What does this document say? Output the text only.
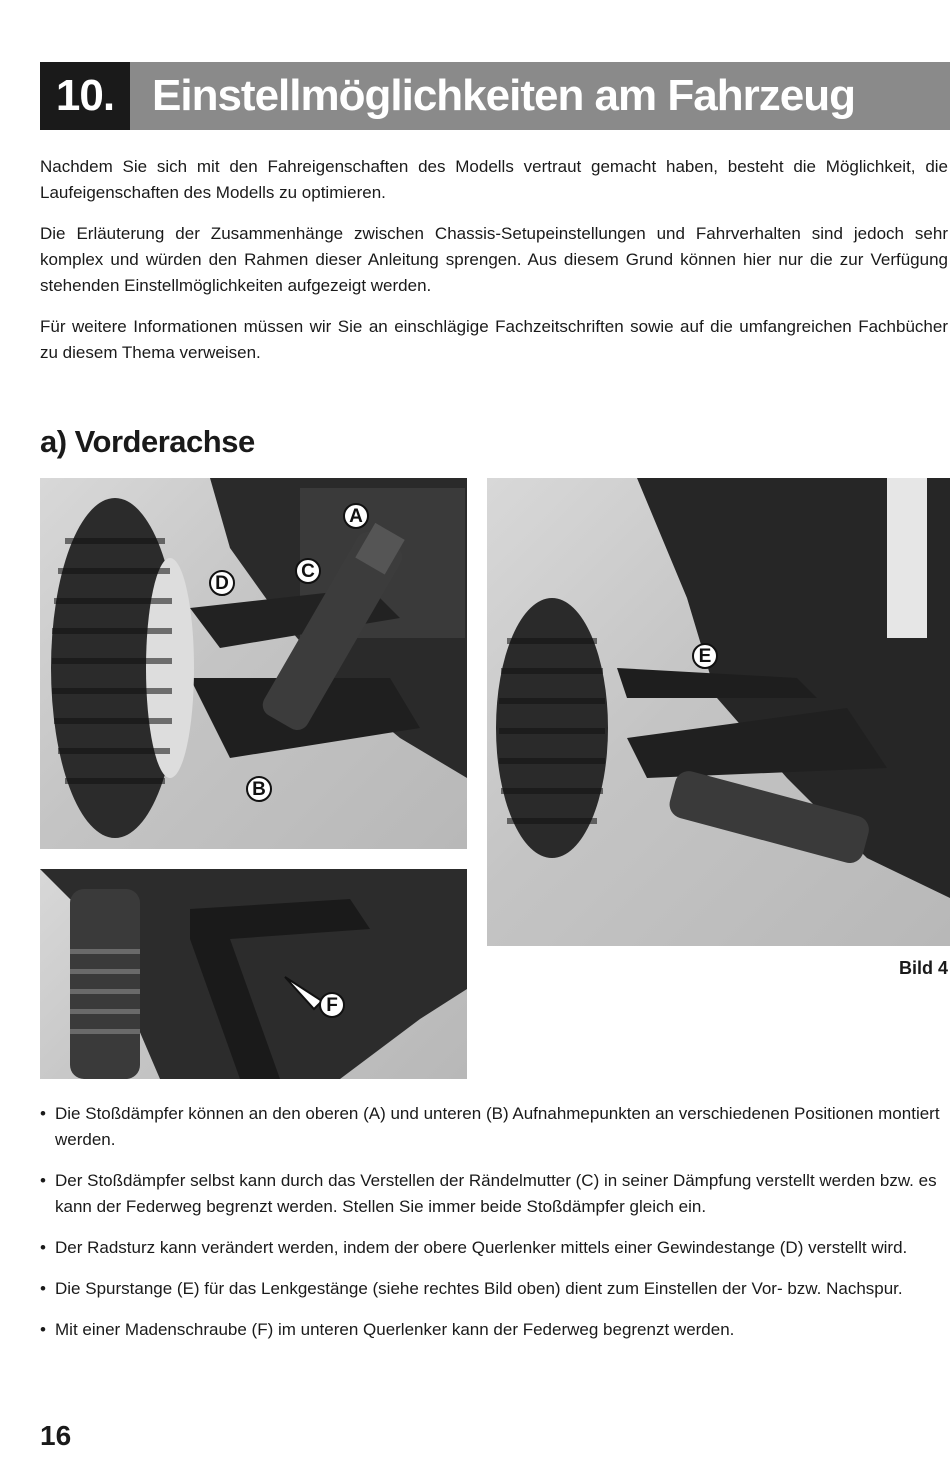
10. Einstellmöglichkeiten am Fahrzeug

Nachdem Sie sich mit den Fahreigenschaften des Modells vertraut gemacht haben, besteht die Möglichkeit, die Laufeigenschaften des Modells zu optimieren.

Die Erläuterung der Zusammenhänge zwischen Chassis-Setupeinstellungen und Fahrverhalten sind jedoch sehr komplex und würden den Rahmen dieser Anleitung sprengen. Aus diesem Grund können hier nur die zur Verfügung stehenden Einstellmöglichkeiten aufgezeigt werden.

Für weitere Informationen müssen wir Sie an einschlägige Fachzeitschriften sowie auf die umfangreichen Fachbücher zu diesem Thema verweisen.

a) Vorderachse
A
C
D
B
E
F
Bild 4
• Die Stoßdämpfer können an den oberen (A) und unteren (B) Aufnahmepunkten an verschiedenen Positionen montiert werden.
• Der Stoßdämpfer selbst kann durch das Verstellen der Rändelmutter (C) in seiner Dämpfung verstellt werden bzw. es kann der Federweg begrenzt werden. Stellen Sie immer beide Stoßdämpfer gleich ein.
• Der Radsturz kann verändert werden, indem der obere Querlenker mittels einer Gewindestange (D) verstellt wird.
• Die Spurstange (E) für das Lenkgestänge (siehe rechtes Bild oben) dient zum Einstellen der Vor- bzw. Nachspur.
• Mit einer Madenschraube (F) im unteren Querlenker kann der Federweg begrenzt werden.
16
